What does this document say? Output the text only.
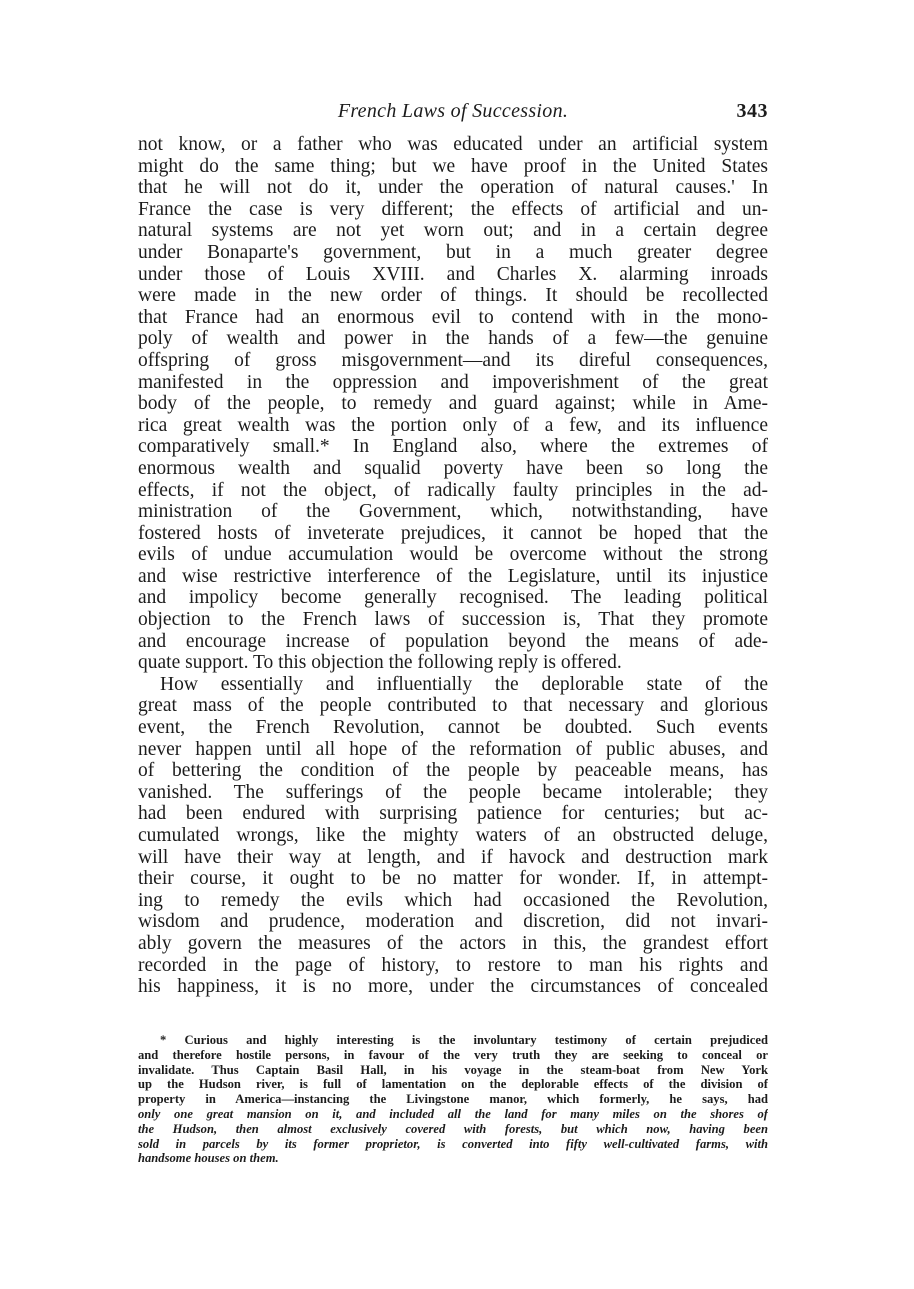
French Laws of Succession.	343
not know, or a father who was educated under an artificial system
might do the same thing; but we have proof in the United States
that he will not do it, under the operation of natural causes.' In
France the case is very different; the effects of artificial and un-
natural systems are not yet worn out; and in a certain degree
under Bonaparte's government, but in a much greater degree
under those of Louis XVIII. and Charles X. alarming inroads
were made in the new order of things. It should be recollected
that France had an enormous evil to contend with in the mono-
poly of wealth and power in the hands of a few—the genuine
offspring of gross misgovernment—and its direful consequences,
manifested in the oppression and impoverishment of the great
body of the people, to remedy and guard against; while in Ame-
rica great wealth was the portion only of a few, and its influence
comparatively small.* In England also, where the extremes of
enormous wealth and squalid poverty have been so long the
effects, if not the object, of radically faulty principles in the ad-
ministration of the Government, which, notwithstanding, have
fostered hosts of inveterate prejudices, it cannot be hoped that the
evils of undue accumulation would be overcome without the strong
and wise restrictive interference of the Legislature, until its injustice
and impolicy become generally recognised. The leading political
objection to the French laws of succession is, That they promote
and encourage increase of population beyond the means of ade-
quate support. To this objection the following reply is offered.
How essentially and influentially the deplorable state of the
great mass of the people contributed to that necessary and glorious
event, the French Revolution, cannot be doubted. Such events
never happen until all hope of the reformation of public abuses, and
of bettering the condition of the people by peaceable means, has
vanished. The sufferings of the people became intolerable; they
had been endured with surprising patience for centuries; but ac-
cumulated wrongs, like the mighty waters of an obstructed deluge,
will have their way at length, and if havock and destruction mark
their course, it ought to be no matter for wonder. If, in attempt-
ing to remedy the evils which had occasioned the Revolution,
wisdom and prudence, moderation and discretion, did not invari-
ably govern the measures of the actors in this, the grandest effort
recorded in the page of history, to restore to man his rights and
his happiness, it is no more, under the circumstances of concealed
* Curious and highly interesting is the involuntary testimony of certain prejudiced
and therefore hostile persons, in favour of the very truth they are seeking to conceal or
invalidate. Thus Captain Basil Hall, in his voyage in the steam-boat from New York
up the Hudson river, is full of lamentation on the deplorable effects of the division of
property in America—instancing the Livingstone manor, which formerly, he says, had
only one great mansion on it, and included all the land for many miles on the shores of
the Hudson, then almost exclusively covered with forests, but which now, having been
sold in parcels by its former proprietor, is converted into fifty well-cultivated farms, with
handsome houses on them.
